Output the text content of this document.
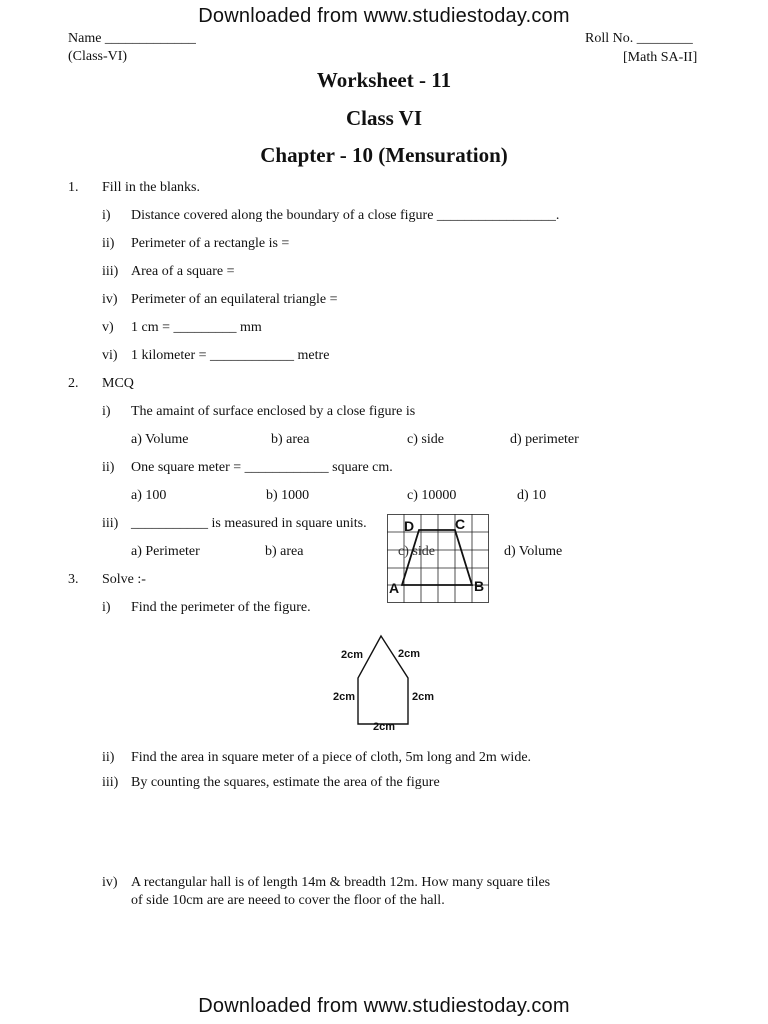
Downloaded from www.studiestoday.com
Name _____________
(Class-VI)
Roll No. ________
[Math SA-II]
Worksheet - 11
Class VI
Chapter - 10 (Mensuration)
1. Fill in the blanks.
i) Distance covered along the boundary of a close figure _________________.
ii) Perimeter of a rectangle is =
iii) Area of a square =
iv) Perimeter of an equilateral triangle =
v) 1 cm = _________ mm
vi) 1 kilometer = ____________ metre
2. MCQ
i) The amaint of surface enclosed by a close figure is
a) Volume	b) area	c) side	d) perimeter
ii) One square meter = ____________ square cm.
a) 100	b) 1000	c) 10000	d) 10
iii) ___________ is measured in square units.
a) Perimeter	b) area	c) side	d) Volume
D	C
A	B
3. Solve :-
i) Find the perimeter of the figure.
2cm	2cm
2cm	2cm
2cm
ii) Find the area in square meter of a piece of cloth, 5m long and 2m wide.
iii) By counting the squares, estimate the area of the figure
iv) A rectangular hall is of length 14m & breadth 12m. How many square tiles
of side 10cm are are neeed to cover the floor of the hall.
Downloaded from www.studiestoday.com
